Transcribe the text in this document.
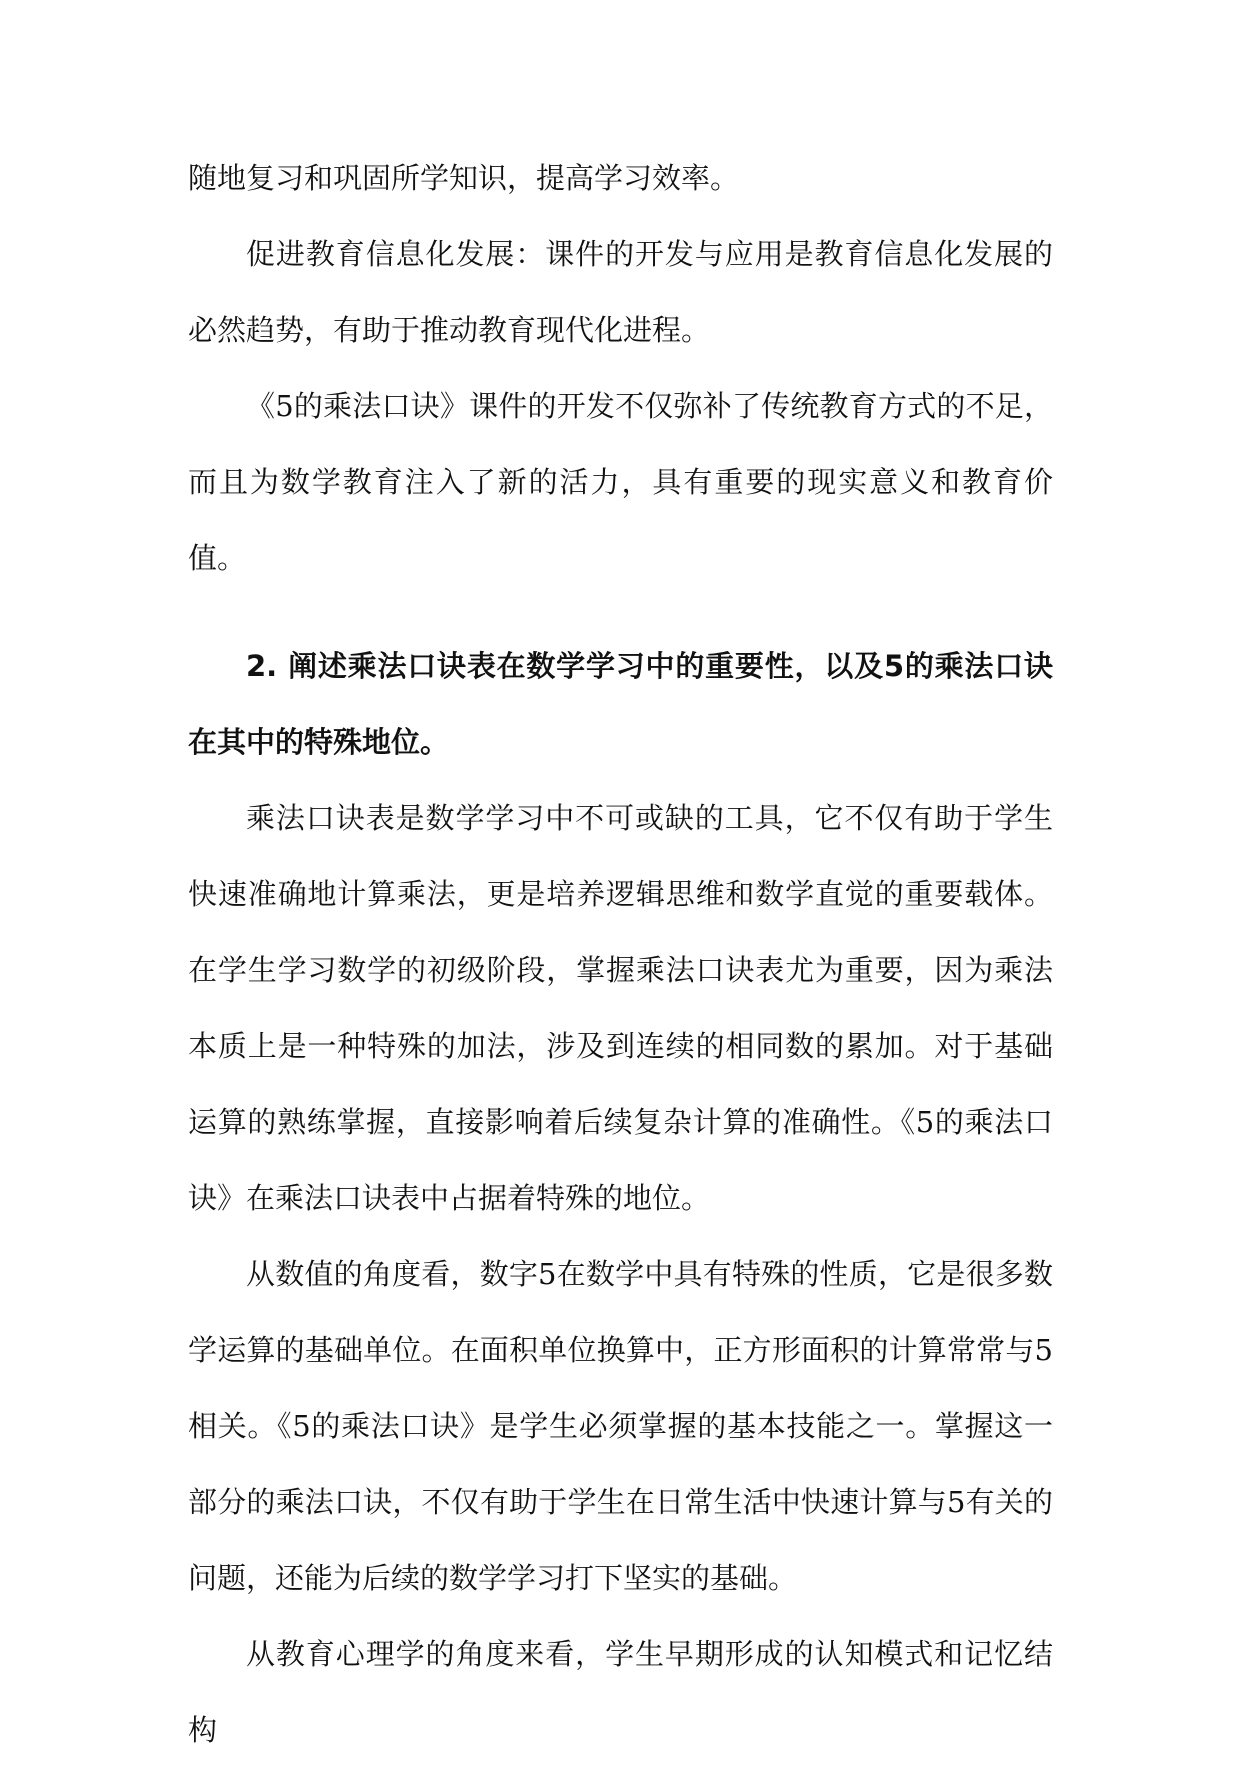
随地复习和巩固所学知识，提高学习效率。

促进教育信息化发展：课件的开发与应用是教育信息化发展的必然趋势，有助于推动教育现代化进程。

《5的乘法口诀》课件的开发不仅弥补了传统教育方式的不足，而且为数学教育注入了新的活力，具有重要的现实意义和教育价值。

2. 阐述乘法口诀表在数学学习中的重要性，以及5的乘法口诀在其中的特殊地位。

乘法口诀表是数学学习中不可或缺的工具，它不仅有助于学生快速准确地计算乘法，更是培养逻辑思维和数学直觉的重要载体。在学生学习数学的初级阶段，掌握乘法口诀表尤为重要，因为乘法本质上是一种特殊的加法，涉及到连续的相同数的累加。对于基础运算的熟练掌握，直接影响着后续复杂计算的准确性。《5的乘法口诀》在乘法口诀表中占据着特殊的地位。

从数值的角度看，数字5在数学中具有特殊的性质，它是很多数学运算的基础单位。在面积单位换算中，正方形面积的计算常常与5相关。《5的乘法口诀》是学生必须掌握的基本技能之一。掌握这一部分的乘法口诀，不仅有助于学生在日常生活中快速计算与5有关的问题，还能为后续的数学学习打下坚实的基础。

从教育心理学的角度来看，学生早期形成的认知模式和记忆结构
